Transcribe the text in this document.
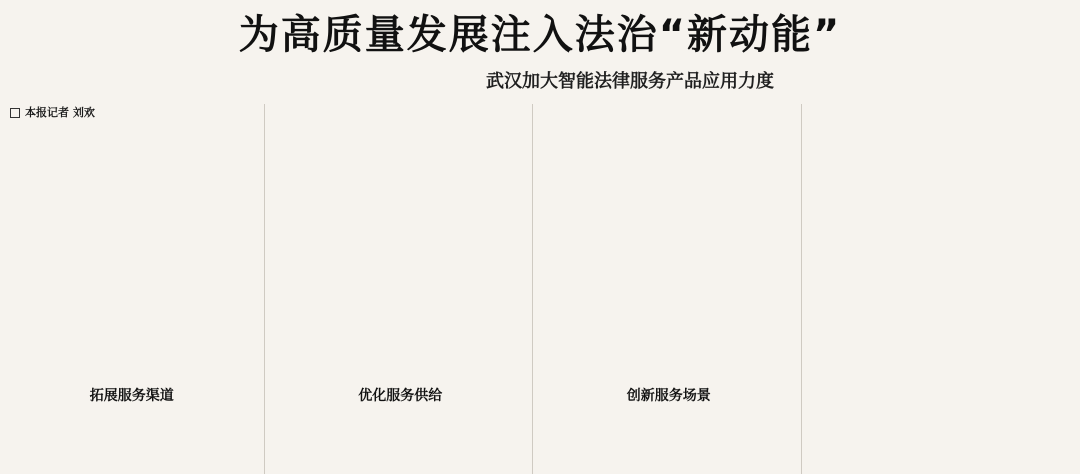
为高质量发展注入法治“新动能”
武汉加大智能法律服务产品应用力度
本报记者 刘欢
拓展服务渠道	优化服务供给	创新服务场景
